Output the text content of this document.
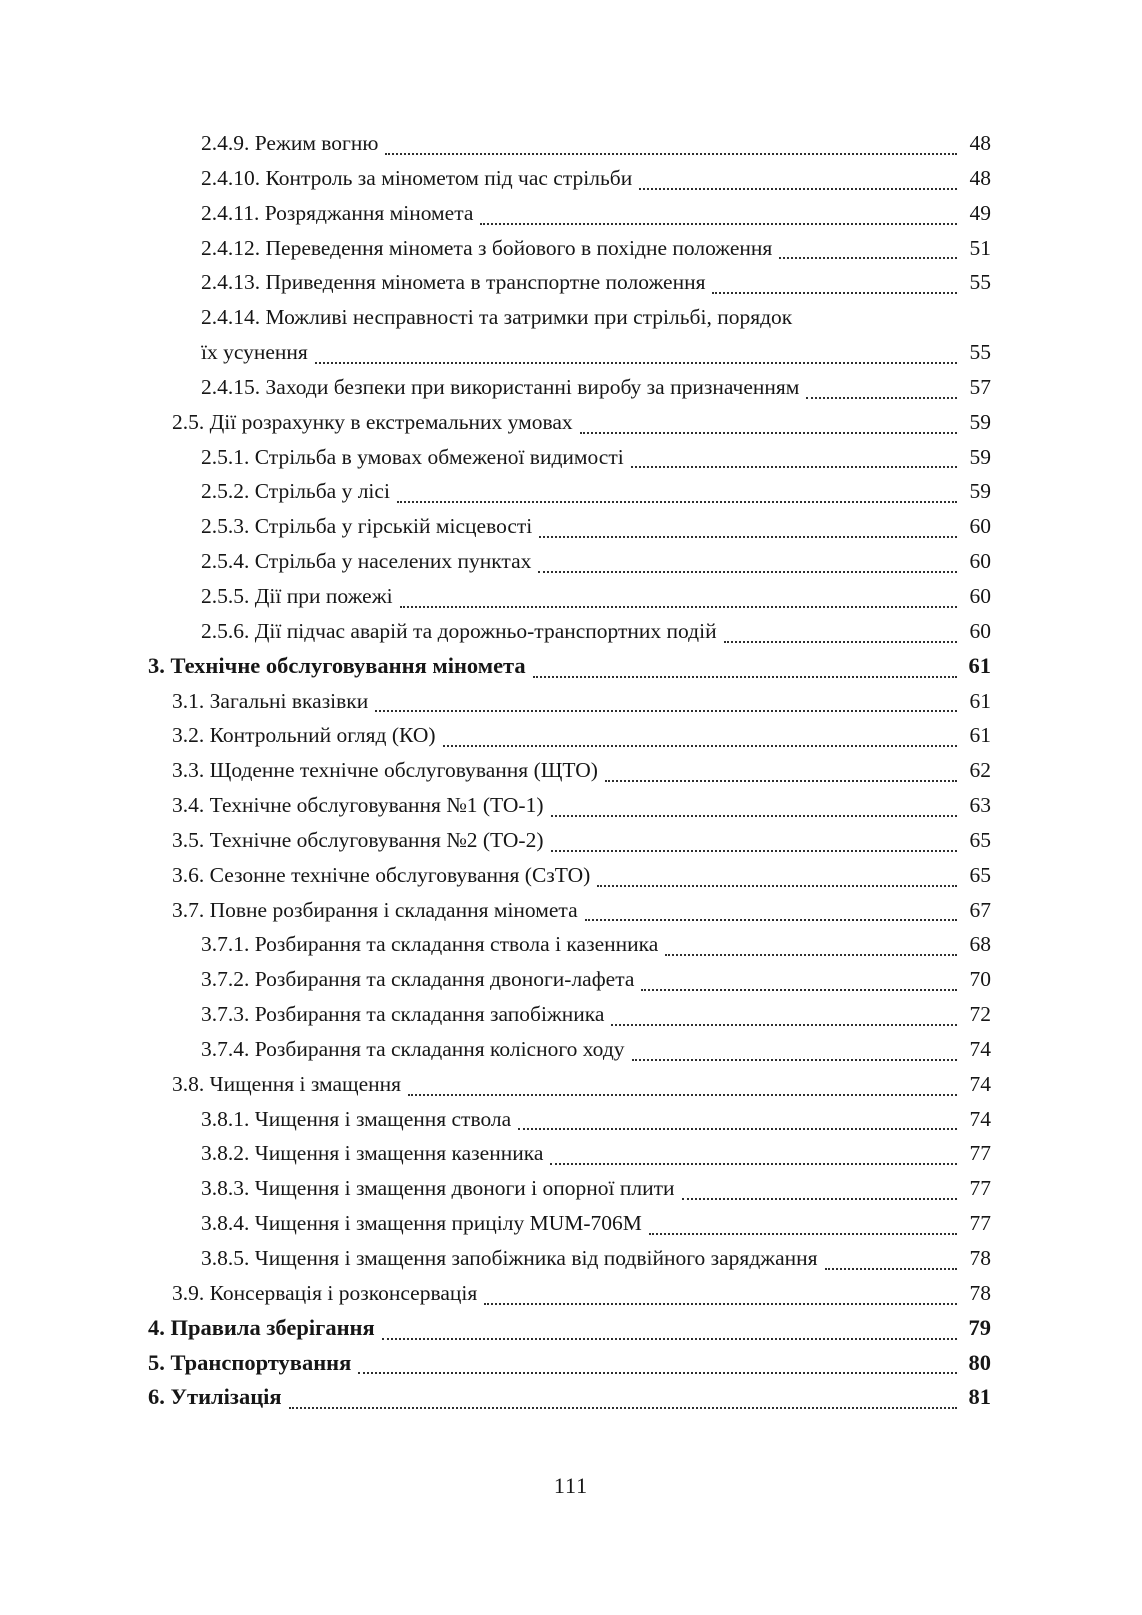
2.4.9. Режим вогню	48
2.4.10. Контроль за мінометом під час стрільби	48
2.4.11. Розряджання міномета	49
2.4.12. Переведення міномета з бойового в похідне положення	51
2.4.13. Приведення міномета в транспортне положення	55
2.4.14. Можливі несправності та затримки при стрільбі, порядок
їх усунення	55
2.4.15. Заходи безпеки при використанні виробу за призначенням	57
2.5. Дії розрахунку в екстремальних умовах	59
2.5.1. Стрільба в умовах обмеженої видимості	59
2.5.2. Стрільба у лісі	59
2.5.3. Стрільба у гірській місцевості	60
2.5.4. Стрільба у населених пунктах	60
2.5.5. Дії при пожежі	60
2.5.6. Дії підчас аварій та дорожньо-транспортних подій	60
3. Технічне обслуговування міномета	61
3.1. Загальні вказівки	61
3.2. Контрольний огляд (КО)	61
3.3. Щоденне технічне обслуговування (ЩТО)	62
3.4. Технічне обслуговування №1 (ТО-1)	63
3.5. Технічне обслуговування №2 (ТО-2)	65
3.6. Сезонне технічне обслуговування (СзТО)	65
3.7. Повне розбирання і складання міномета	67
3.7.1. Розбирання та складання ствола і казенника	68
3.7.2. Розбирання та складання двоноги-лафета	70
3.7.3. Розбирання та складання запобіжника	72
3.7.4. Розбирання та складання колісного ходу	74
3.8. Чищення і змащення	74
3.8.1. Чищення і змащення ствола	74
3.8.2. Чищення і змащення казенника	77
3.8.3. Чищення і змащення двоноги і опорної плити	77
3.8.4. Чищення і змащення прицілу MUM-706M	77
3.8.5. Чищення і змащення запобіжника від подвійного заряджання	78
3.9. Консервація і розконсервація	78
4. Правила зберігання	79
5. Транспортування	80
6. Утилізація	81
111
